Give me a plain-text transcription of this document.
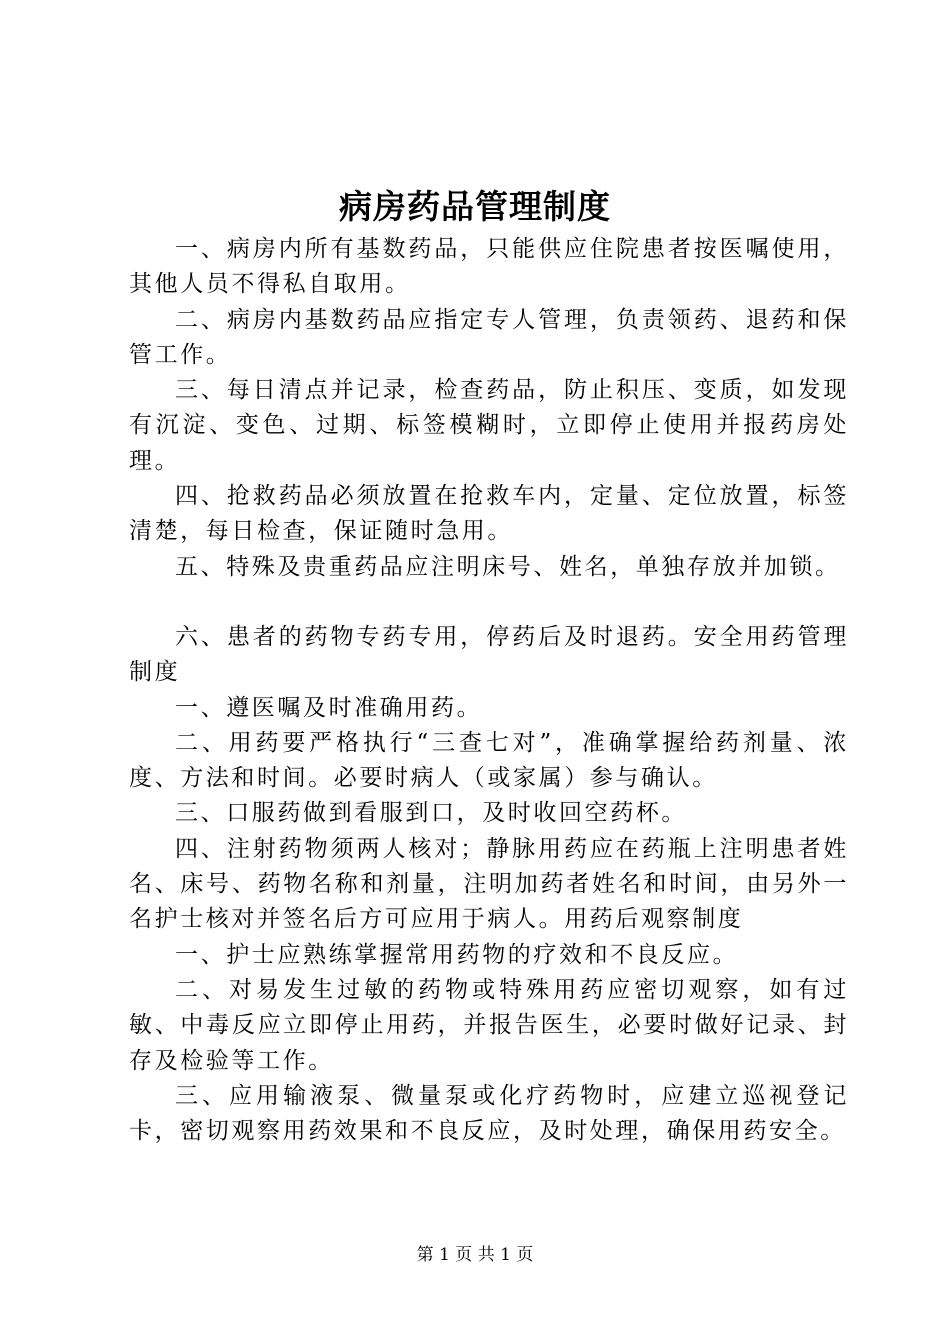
病房药品管理制度

一、病房内所有基数药品，只能供应住院患者按医嘱使用，其他人员不得私自取用。

二、病房内基数药品应指定专人管理，负责领药、退药和保管工作。

三、每日清点并记录，检查药品，防止积压、变质，如发现有沉淀、变色、过期、标签模糊时，立即停止使用并报药房处理。

四、抢救药品必须放置在抢救车内，定量、定位放置，标签清楚，每日检查，保证随时急用。

五、特殊及贵重药品应注明床号、姓名，单独存放并加锁。

六、患者的药物专药专用，停药后及时退药。安全用药管理制度

一、遵医嘱及时准确用药。

二、用药要严格执行“三查七对”，准确掌握给药剂量、浓度、方法和时间。必要时病人（或家属）参与确认。

三、口服药做到看服到口，及时收回空药杯。

四、注射药物须两人核对；静脉用药应在药瓶上注明患者姓名、床号、药物名称和剂量，注明加药者姓名和时间，由另外一名护士核对并签名后方可应用于病人。用药后观察制度

一、护士应熟练掌握常用药物的疗效和不良反应。

二、对易发生过敏的药物或特殊用药应密切观察，如有过敏、中毒反应立即停止用药，并报告医生，必要时做好记录、封存及检验等工作。

三、应用输液泵、微量泵或化疗药物时，应建立巡视登记卡，密切观察用药效果和不良反应，及时处理，确保用药安全。

第 1 页 共 1 页
